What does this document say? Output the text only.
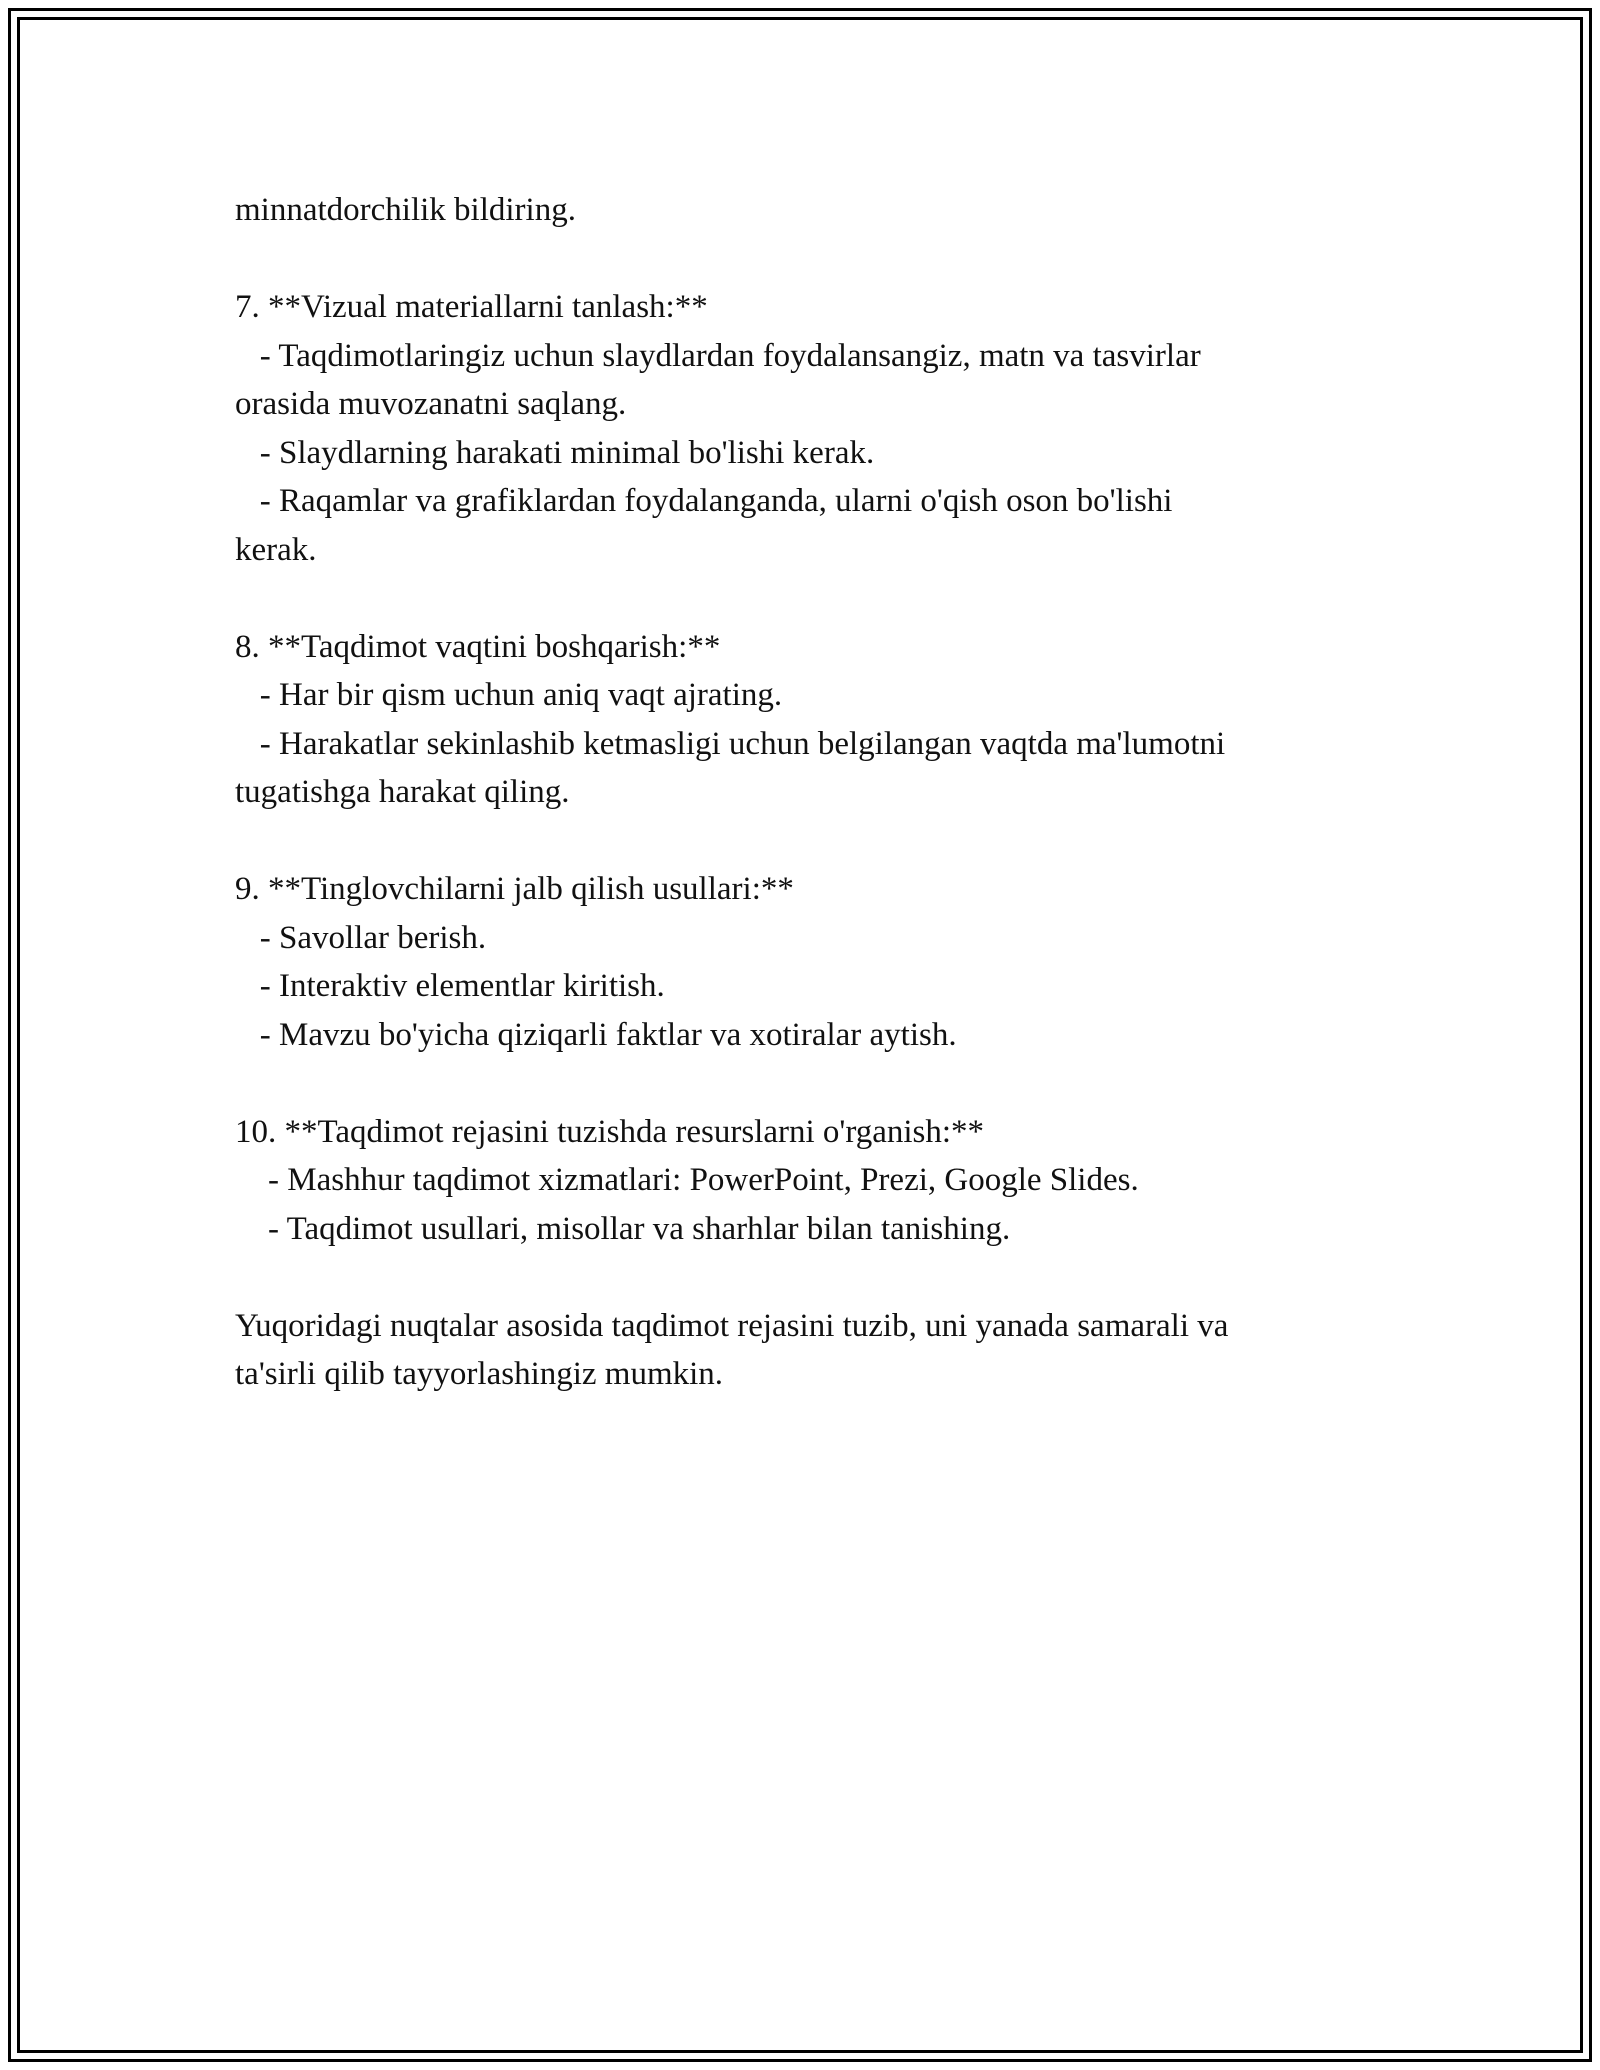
minnatdorchilik bildiring.
7. **Vizual materiallarni tanlash:**
- Taqdimotlaringiz uchun slaydlardan foydalansangiz, matn va tasvirlar
orasida muvozanatni saqlang.
- Slaydlarning harakati minimal bo'lishi kerak.
- Raqamlar va grafiklardan foydalanganda, ularni o'qish oson bo'lishi
kerak.
8. **Taqdimot vaqtini boshqarish:**
- Har bir qism uchun aniq vaqt ajrating.
- Harakatlar sekinlashib ketmasligi uchun belgilangan vaqtda ma'lumotni
tugatishga harakat qiling.
9. **Tinglovchilarni jalb qilish usullari:**
- Savollar berish.
- Interaktiv elementlar kiritish.
- Mavzu bo'yicha qiziqarli faktlar va xotiralar aytish.
10. **Taqdimot rejasini tuzishda resurslarni o'rganish:**
- Mashhur taqdimot xizmatlari: PowerPoint, Prezi, Google Slides.
- Taqdimot usullari, misollar va sharhlar bilan tanishing.
Yuqoridagi nuqtalar asosida taqdimot rejasini tuzib, uni yanada samarali va
ta'sirli qilib tayyorlashingiz mumkin.
